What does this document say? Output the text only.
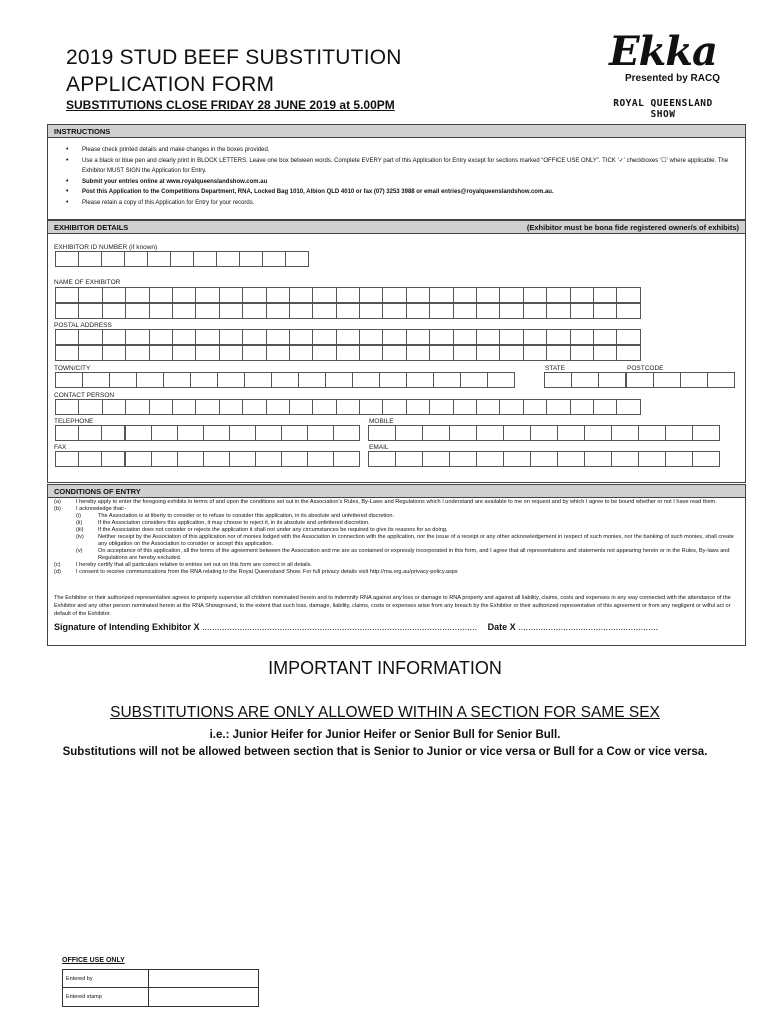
2019 STUD BEEF SUBSTITUTION
APPLICATION FORM
SUBSTITUTIONS CLOSE FRIDAY 28 JUNE 2019 at 5.00PM
Ekka
Presented by RACQ
ROYAL QUEENSLAND SHOW
INSTRUCTIONS
• Please check printed details and make changes in the boxes provided.
• Use a black or blue pen and clearly print in BLOCK LETTERS. Leave one box between words. Complete EVERY part of this Application for Entry except for sections marked “OFFICE USE ONLY”. TICK ‘✓’ checkboxes ‘☐’ where applicable. The Exhibitor MUST SIGN the Application for Entry.
• Submit your entries online at www.royalqueenslandshow.com.au
• Post this Application to the Competitions Department, RNA, Locked Bag 1010, Albion QLD 4010 or fax (07) 3253 3988 or email entries@royalqueenslandshow.com.au.
• Please retain a copy of this Application for Entry for your records.
EXHIBITOR DETAILS	(Exhibitor must be bona fide registered owner/s of exhibits)
EXHIBITOR ID NUMBER (if known)
NAME OF EXHIBITOR
POSTAL ADDRESS
TOWN/CITY	STATE	POSTCODE
CONTACT PERSON
TELEPHONE	MOBILE
FAX	EMAIL
CONDITIONS OF ENTRY
(a)	I hereby apply to enter the foregoing exhibits in terms of and upon the conditions set out in the Association’s Rules, By-Laws and Regulations which I understand are available to me on request and by which I agree to be bound whether or not I have read them.
(b)	I acknowledge that:-
(i)	The Association is at liberty to consider or to refuse to consider this application, in its absolute and unfettered discretion.
(ii)	If the Association considers this application, it may choose to reject it, in its absolute and unfettered discretion.
(iii)	If the Association does not consider or rejects the application it shall not under any circumstances be required to give its reasons for so doing.
(iv)	Neither receipt by the Association of this application nor of monies lodged with the Association in connection with the application, nor the issue of a receipt or any other acknowledgement in respect of such monies, nor the banking of such monies, shall create any obligation on the Association to consider or accept this application.
(v)	On acceptance of this application, all the terms of the agreement between the Association and me are as contained or expressly incorporated in this form, and I agree that all representations and statements not appearing herein or in the Rules, By-laws and Regulations are hereby excluded.
(c)	I hereby certify that all particulars relative to entries set out on this form are correct in all details.
(d)	I consent to receive communications from the RNA relating to the Royal Queensland Show. For full privacy details visit http://rna.org.au/privacy-policy.aspx
The Exhibitor or their authorized representative agrees to properly supervise all children nominated herein and to indemnify RNA against any loss or damage to RNA property and against all liability, claims, costs and expenses in any way connected with the attendance of the Exhibitor and any other person nominated herein at the RNA Showground, to the extent that such loss, damage, liability, claims, costs or expenses arise from any breach by the Exhibitor or their authorized representative of this agreement or from any negligent or wilful act or default of the Exhibitor.
Signature of Intending Exhibitor X .............................................................................................................. Date X ........................................................
IMPORTANT INFORMATION
SUBSTITUTIONS ARE ONLY ALLOWED WITHIN A SECTION FOR SAME SEX
i.e.: Junior Heifer for Junior Heifer or Senior Bull for Senior Bull.
Substitutions will not be allowed between section that is Senior to Junior or vice versa or Bull for a Cow or vice versa.
OFFICE USE ONLY
Entered by
Entered stamp
